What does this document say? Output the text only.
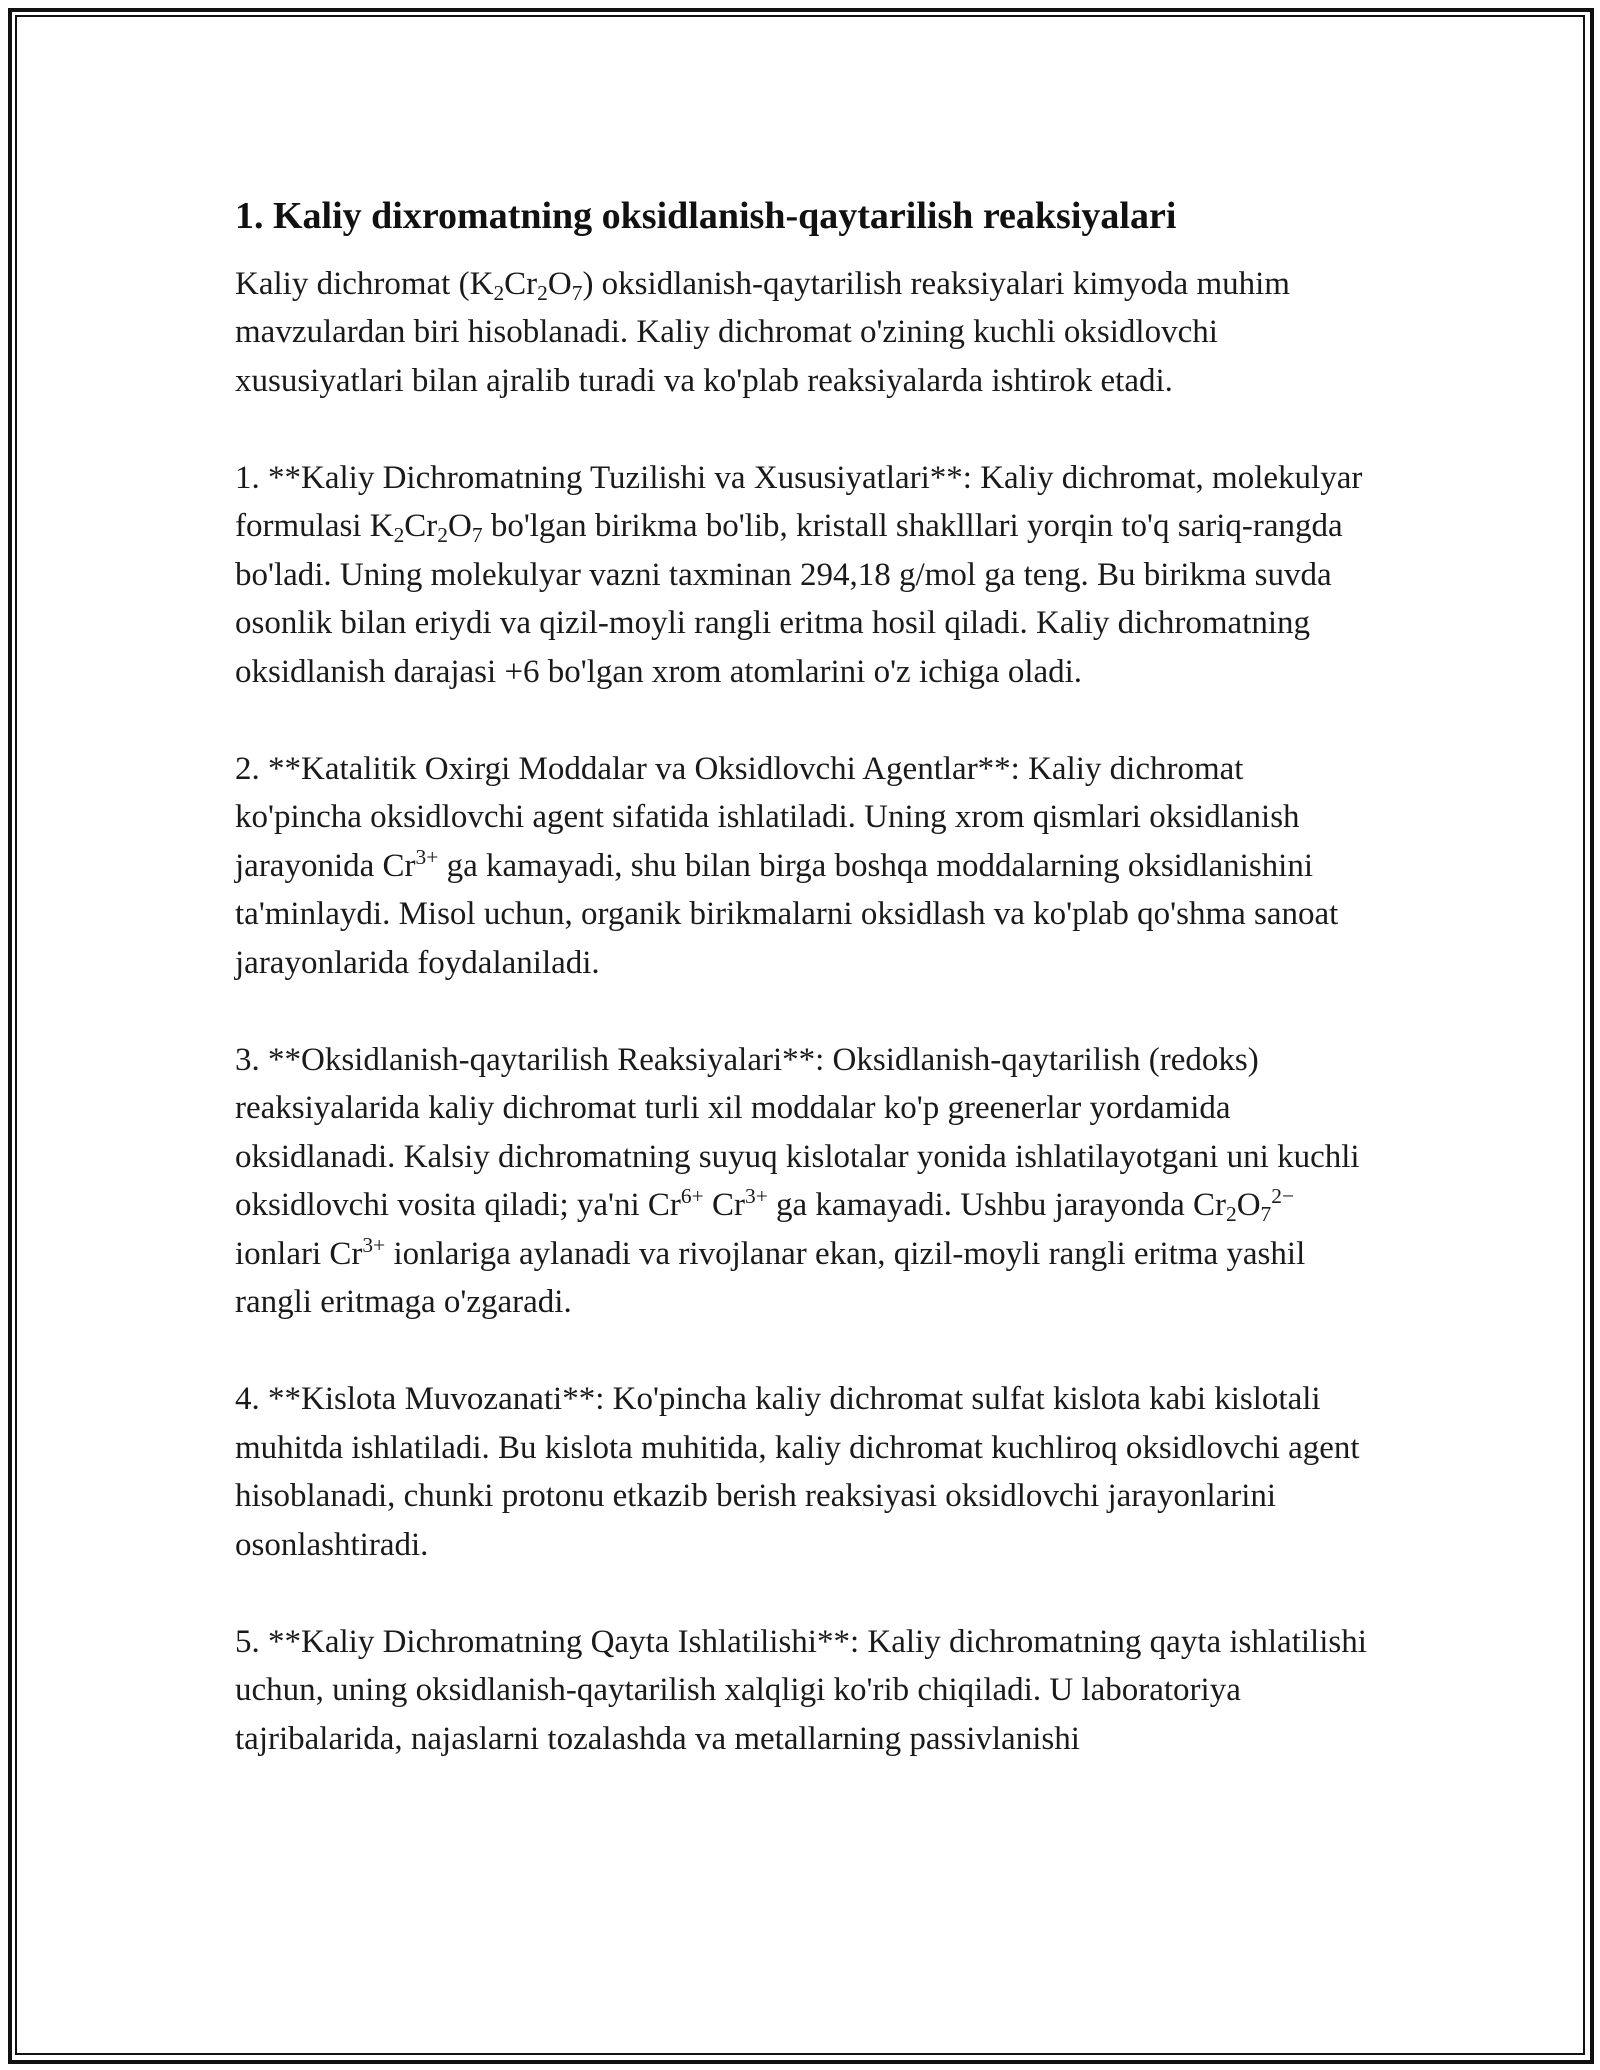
1. Kaliy dixromatning oksidlanish-qaytarilish reaksiyalari

Kaliy dichromat $(K_2Cr_2O_7)$ oksidlanish-qaytarilish reaksiyalari kimyoda muhim mavzulardan biri hisoblanadi. Kaliy dichromat o'zining kuchli oksidlovchi xususiyatlari bilan ajralib turadi va ko'plab reaksiyalarda ishtirok etadi.

1. **Kaliy Dichromatning Tuzilishi va Xususiyatlari**: Kaliy dichromat, molekulyar formulasi $K_2Cr_2O_7$ bo'lgan birikma bo'lib, kristall shaklllari yorqin to'q sariq-rangda bo'ladi. Uning molekulyar vazni taxminan 294,18 g/mol ga teng. Bu birikma suvda osonlik bilan eriydi va qizil-moyli rangli eritma hosil qiladi. Kaliy dichromatning oksidlanish darajasi +6 bo'lgan xrom atomlarini o'z ichiga oladi.

2. **Katalitik Oxirgi Moddalar va Oksidlovchi Agentlar**: Kaliy dichromat ko'pincha oksidlovchi agent sifatida ishlatiladi. Uning xrom qismlari oksidlanish jarayonida $Cr^{3+}$ ga kamayadi, shu bilan birga boshqa moddalarning oksidlanishini ta'minlaydi. Misol uchun, organik birikmalarni oksidlash va ko'plab qo'shma sanoat jarayonlarida foydalaniladi.

3. **Oksidlanish-qaytarilish Reaksiyalari**: Oksidlanish-qaytarilish (redoks) reaksiyalarida kaliy dichromat turli xil moddalar ko'p greenerlar yordamida oksidlanadi. Kalsiy dichromatning suyuq kislotalar yonida ishlatilayotgani uni kuchli oksidlovchi vosita qiladi; ya'ni $Cr^{6+}$ $Cr^{3+}$ ga kamayadi. Ushbu jarayonda $Cr_2O_7^{2-}$ ionlari $Cr^{3+}$ ionlariga aylanadi va rivojlanar ekan, qizil-moyli rangli eritma yashil rangli eritmaga o'zgaradi.

4. **Kislota Muvozanati**: Ko'pincha kaliy dichromat sulfat kislota kabi kislotali muhitda ishlatiladi. Bu kislota muhitida, kaliy dichromat kuchliroq oksidlovchi agent hisoblanadi, chunki protonu etkazib berish reaksiyasi oksidlovchi jarayonlarini osonlashtiradi.

5. **Kaliy Dichromatning Qayta Ishlatilishi**: Kaliy dichromatning qayta ishlatilishi uchun, uning oksidlanish-qaytarilish xalqligi ko'rib chiqiladi. U laboratoriya tajribalarida, najaslarni tozalashda va metallarning passivlanishi
